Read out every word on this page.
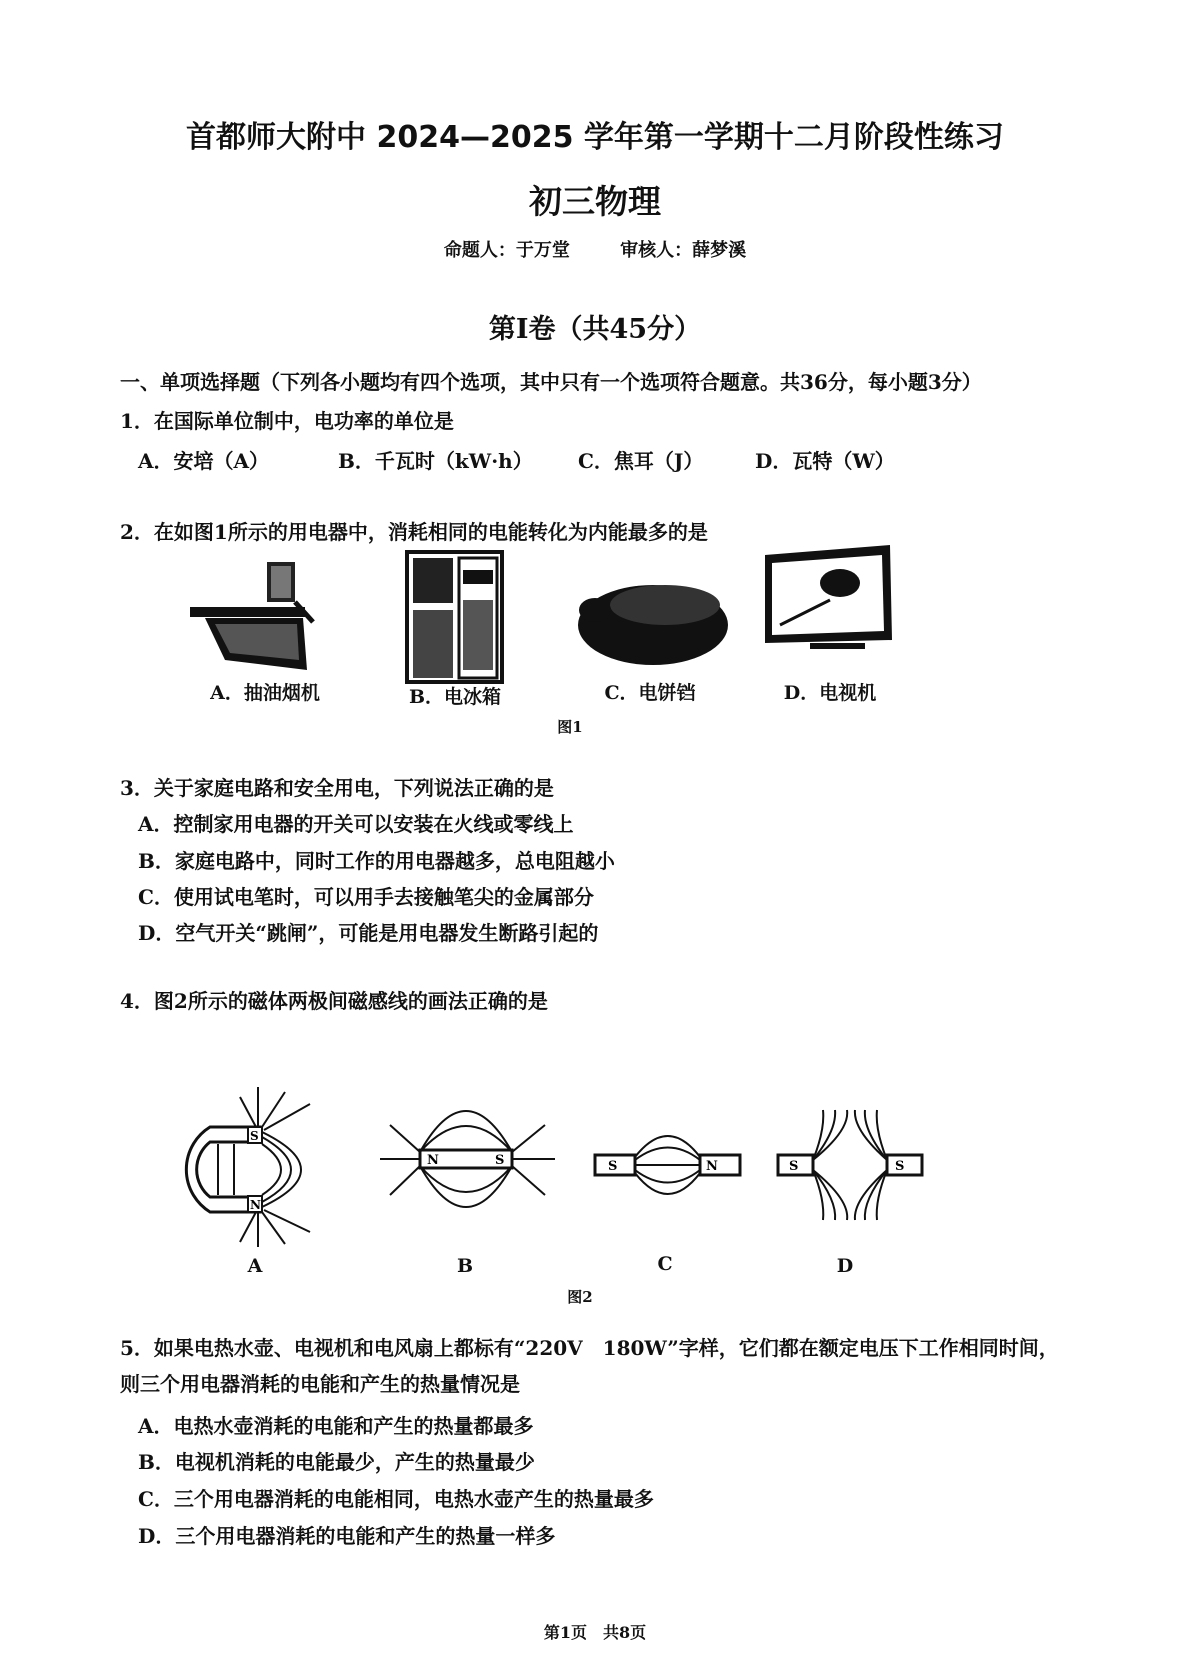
首都师大附中 2024—2025 学年第一学期十二月阶段性练习
初三物理
命题人：于万堂	审核人：薛梦溪
第I卷（共45分）
一、单项选择题（下列各小题均有四个选项，其中只有一个选项符合题意。共36分，每小题3分）
1．在国际单位制中，电功率的单位是
A．安培（A）	B．千瓦时（kW·h） C．焦耳（J）	D．瓦特（W）
2．在如图1所示的用电器中，消耗相同的电能转化为内能最多的是
A．抽油烟机	B．电冰箱	C．电饼铛	D．电视机
图1
3．关于家庭电路和安全用电，下列说法正确的是
A．控制家用电器的开关可以安装在火线或零线上
B．家庭电路中，同时工作的用电器越多，总电阻越小
C．使用试电笔时，可以用手去接触笔尖的金属部分
D．空气开关“跳闸”，可能是用电器发生断路引起的
4．图2所示的磁体两极间磁感线的画法正确的是
S
N
N	S	S	N	S	S
A	B	C	D
图2
5．如果电热水壶、电视机和电风扇上都标有“220V　180W”字样，它们都在额定电压下工作相同时间，
则三个用电器消耗的电能和产生的热量情况是
A．电热水壶消耗的电能和产生的热量都最多
B．电视机消耗的电能最少，产生的热量最少
C．三个用电器消耗的电能相同，电热水壶产生的热量最多
D．三个用电器消耗的电能和产生的热量一样多
第1页　共8页
